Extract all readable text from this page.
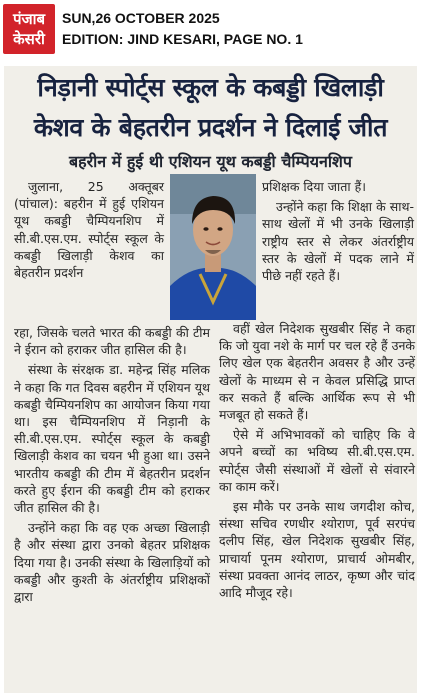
पंजाब
केसरी
SUN,26 OCTOBER 2025
EDITION: JIND KESARI, PAGE NO. 1
निड़ानी स्पोर्ट्स स्कूल के कबड्डी खिलाड़ी
केशव के बेहतरीन प्रदर्शन ने दिलाई जीत
बहरीन में हुई थी एशियन यूथ कबड्डी चैम्पियनशिप

जुलाना, 25 अक्तूबर (पांचाल): बहरीन में हुई एशियन यूथ कबड्डी चैम्पियनशिप में सी.बी.एस.एम. स्पोर्ट्स स्कूल के कबड्डी खिलाड़ी केशव का बेहतरीन प्रदर्शन

रहा, जिसके चलते भारत की कबड्डी की टीम ने ईरान को हराकर जीत हासिल की है।

संस्था के संरक्षक डा. महेन्द्र सिंह मलिक ने कहा कि गत दिवस बहरीन में एशियन यूथ कबड्डी चैम्पियनशिप का आयोजन किया गया था। इस चैम्पियनशिप में निड़ानी के सी.बी.एस.एम. स्पोर्ट्स स्कूल के कबड्डी खिलाड़ी केशव का चयन भी हुआ था। उसने भारतीय कबड्डी की टीम में बेहतरीन प्रदर्शन करते हुए ईरान की कबड्डी टीम को हराकर जीत हासिल की है।

उन्होंने कहा कि वह एक अच्छा खिलाड़ी है और संस्था द्वारा उनको बेहतर प्रशिक्षक दिया गया है। उनकी संस्था के खिलाड़ियों को कबड्डी और कुश्ती के अंतर्राष्ट्रीय प्रशिक्षकों द्वारा

प्रशिक्षक दिया जाता हैं।

उन्होंने कहा कि शिक्षा के साथ-साथ खेलों में भी उनके खिलाड़ी राष्ट्रीय स्तर से लेकर अंतर्राष्ट्रीय स्तर के खेलों में पदक लाने में पीछे नहीं रहते हैं।

वहीं खेल निदेशक सुखबीर सिंह ने कहा कि जो युवा नशे के मार्ग पर चल रहे हैं उनके लिए खेल एक बेहतरीन अवसर है और उन्हें खेलों के माध्यम से न केवल प्रसिद्धि प्राप्त कर सकते हैं बल्कि आर्थिक रूप से भी मजबूत हो सकते हैं।

ऐसे में अभिभावकों को चाहिए कि वे अपने बच्चों का भविष्य सी.बी.एस.एम. स्पोर्ट्स जैसी संस्थाओं में खेलों से संवारने का काम करें।

इस मौके पर उनके साथ जगदीश कोच, संस्था सचिव रणधीर श्योराण, पूर्व सरपंच दलीप सिंह, खेल निदेशक सुखबीर सिंह, प्राचार्या पूनम श्योराण, प्राचार्य ओमबीर, संस्था प्रवक्ता आनंद लाठर, कृष्ण और चांद आदि मौजूद रहे।
